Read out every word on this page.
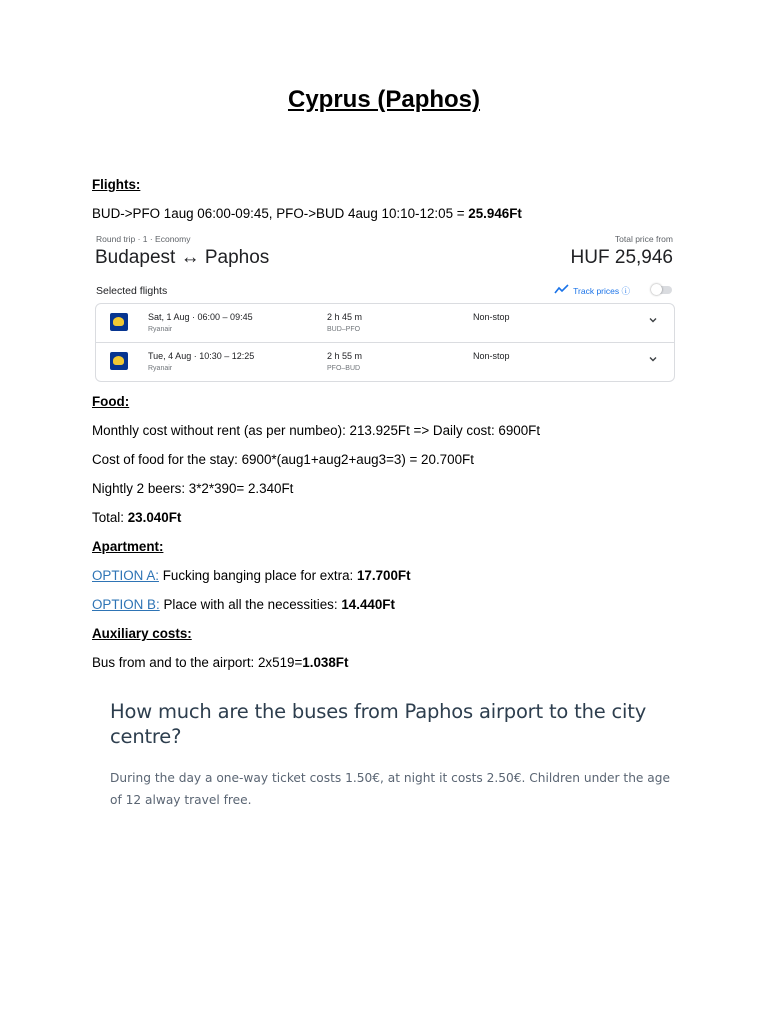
Cyprus (Paphos)
Flights:
BUD->PFO 1aug 06:00-09:45, PFO->BUD 4aug 10:10-12:05 = 25.946Ft
Round trip · 1 · Economy
Budapest ↔ Paphos
Total price from
HUF 25,946
Selected flights	Track prices ⓘ
Sat, 1 Aug · 06:00 – 09:45
Ryanair
2 h 45 m
BUD–PFO
Non-stop
Tue, 4 Aug · 10:30 – 12:25
Ryanair
2 h 55 m
PFO–BUD
Non-stop
Food:
Monthly cost without rent (as per numbeo): 213.925Ft => Daily cost: 6900Ft
Cost of food for the stay: 6900*(aug1+aug2+aug3=3) = 20.700Ft
Nightly 2 beers: 3*2*390= 2.340Ft
Total: 23.040Ft
Apartment:
OPTION A: Fucking banging place for extra: 17.700Ft
OPTION B: Place with all the necessities: 14.440Ft
Auxiliary costs:
Bus from and to the airport: 2x519=1.038Ft

How much are the buses from Paphos airport to the city centre?

During the day a one-way ticket costs 1.50€, at night it costs 2.50€. Children under the age of 12 alway travel free.
